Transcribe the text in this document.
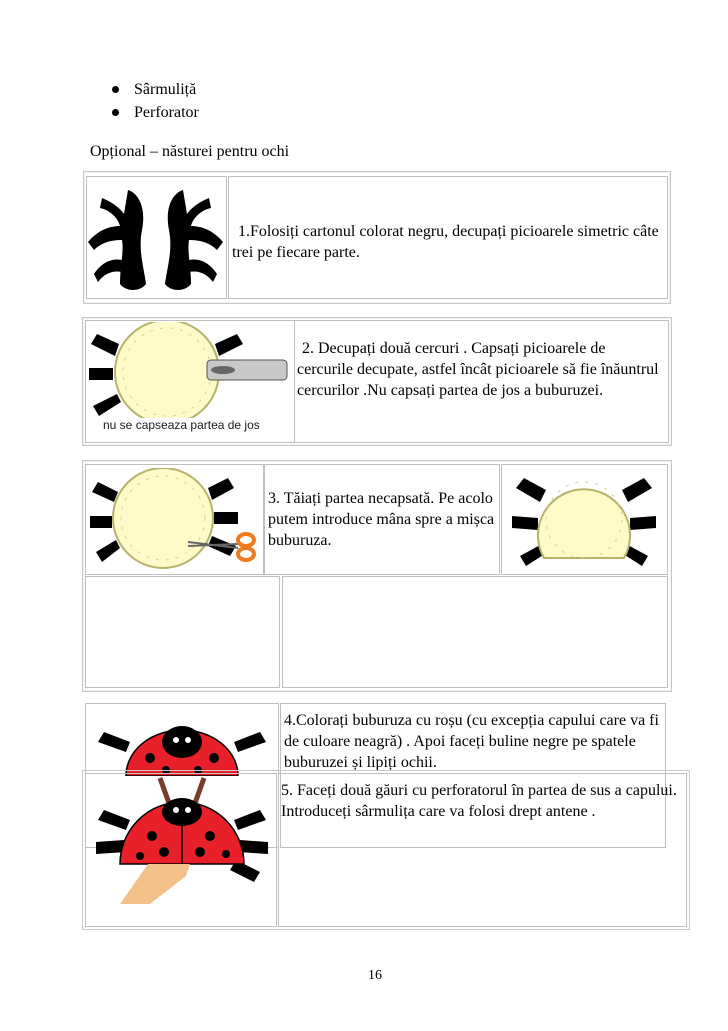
Sârmuliță
Perforator
Opțional – năsturei pentru ochi
1.Folosiți cartonul colorat negru, decupați picioarele simetric câte trei pe fiecare parte.
nu se capseaza partea de jos
2. Decupați două cercuri . Capsați picioarele de cercurile decupate, astfel încât picioarele să fie înăuntrul cercurilor .Nu capsați partea de jos a buburuzei.
3. Tăiați partea necapsată. Pe acolo putem introduce mâna spre a mișca buburuza.
4.Colorați buburuza cu roșu (cu excepția capului care va fi de culoare neagră) . Apoi faceți buline negre pe spatele buburuzei și lipiți ochii.
5. Faceți două găuri cu perforatorul în partea de sus a capului. Introduceți sârmulița care va folosi drept antene .
16
